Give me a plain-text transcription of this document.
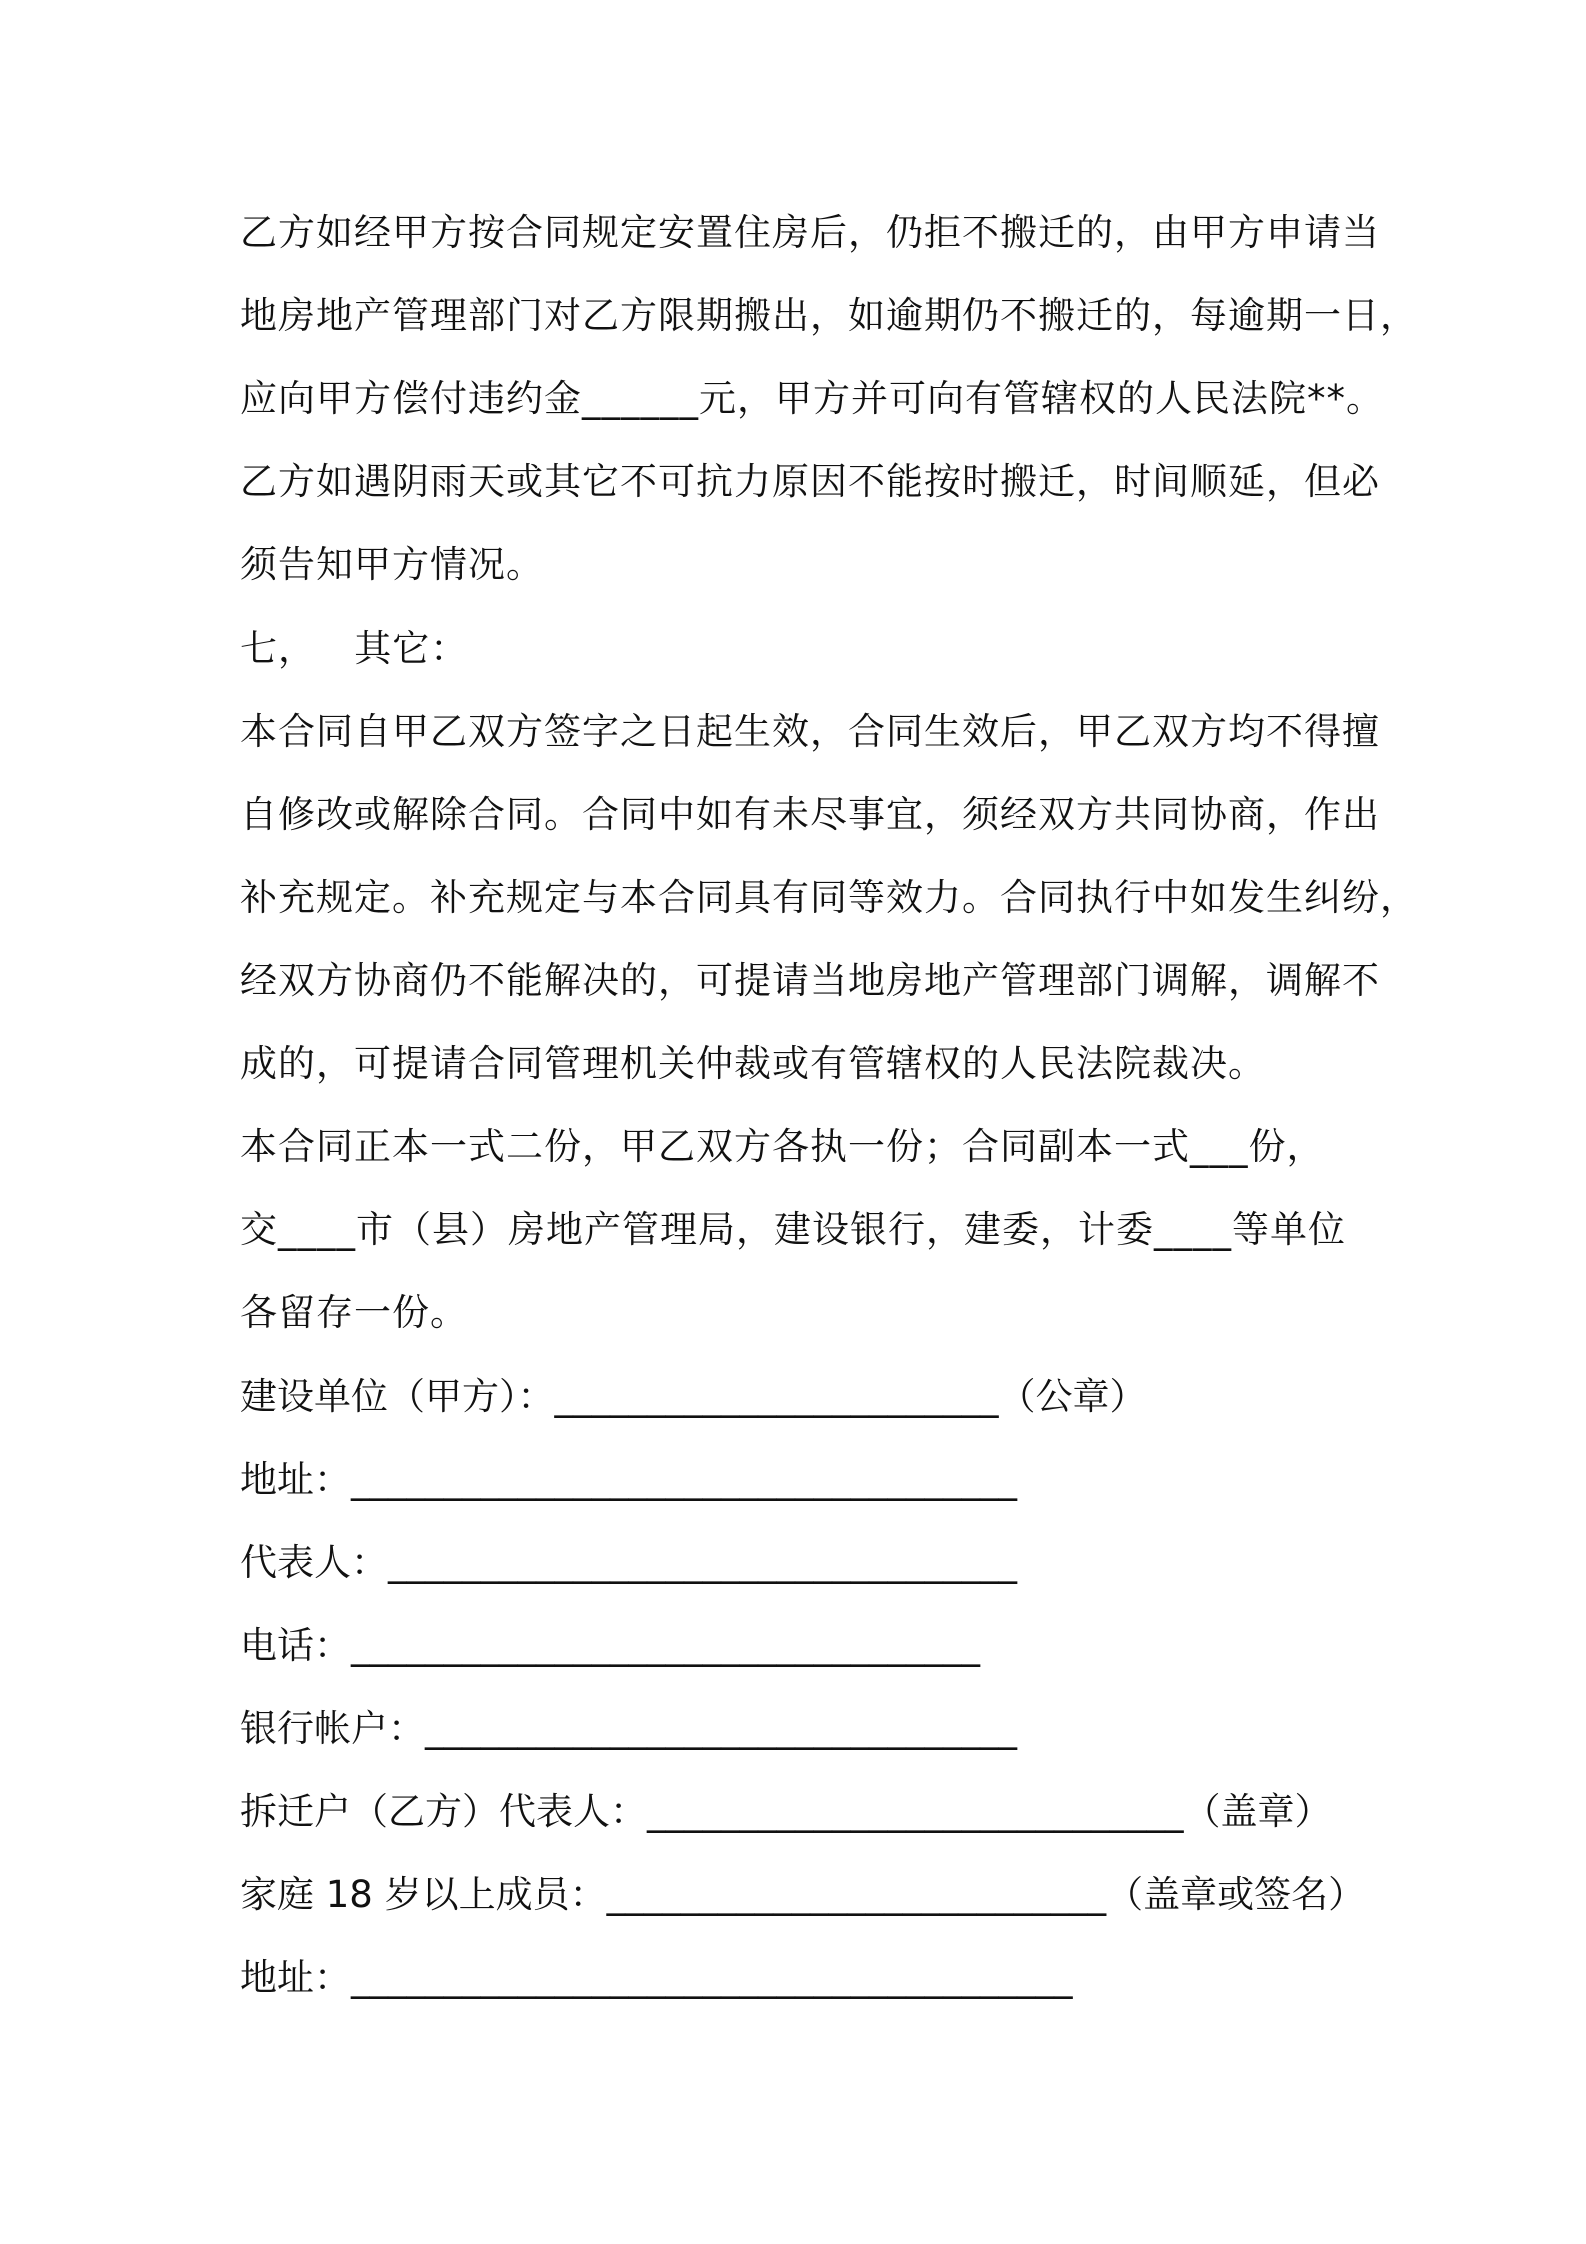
乙方如经甲方按合同规定安置住房后，仍拒不搬迁的，由甲方申请当
地房地产管理部门对乙方限期搬出，如逾期仍不搬迁的，每逾期一日，
应向甲方偿付违约金______元，甲方并可向有管辖权的人民法院**。
乙方如遇阴雨天或其它不可抗力原因不能按时搬迁，时间顺延，但必
须告知甲方情况。
七，   其它：
本合同自甲乙双方签字之日起生效，合同生效后，甲乙双方均不得擅
自修改或解除合同。合同中如有未尽事宜，须经双方共同协商，作出
补充规定。补充规定与本合同具有同等效力。合同执行中如发生纠纷，
经双方协商仍不能解决的，可提请当地房地产管理部门调解，调解不
成的，可提请合同管理机关仲裁或有管辖权的人民法院裁决。
本合同正本一式二份，甲乙双方各执一份；合同副本一式___份，
交____市（县）房地产管理局，建设银行，建委，计委____等单位
各留存一份。
建设单位（甲方）：________________________（公章）
地址：____________________________________
代表人：__________________________________
电话：__________________________________
银行帐户：________________________________
拆迁户（乙方）代表人：_____________________________（盖章）
家庭 18 岁以上成员：___________________________（盖章或签名）
地址：_______________________________________
